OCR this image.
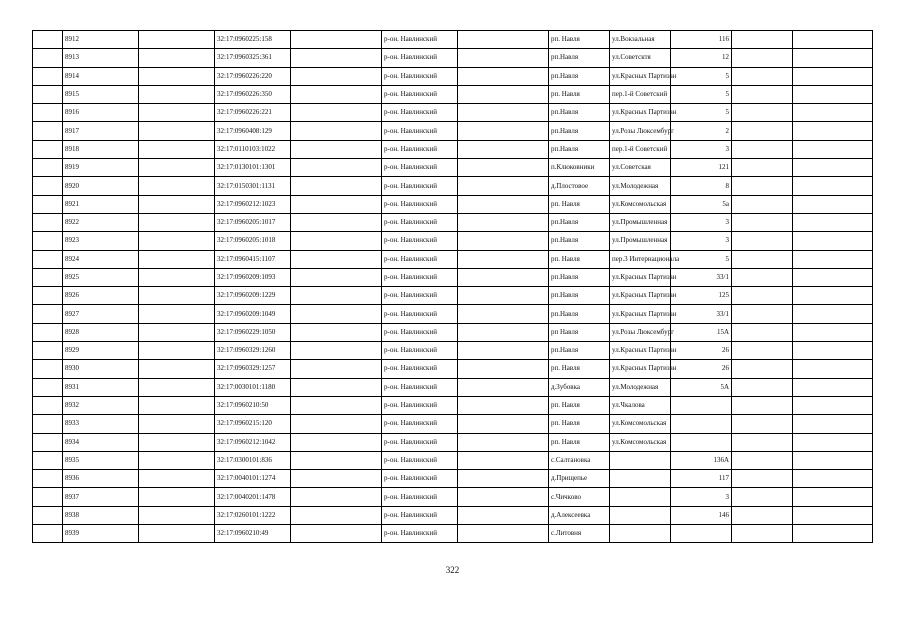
	8912		32:17:0960225:158		р-он. Навлинский		рп. Навля	ул.Вокзальная	116		
	8913		32:17:0960325:361		р-он. Навлинский		рп.Навля	ул.Советсктя	12		
	8914		32:17:0960226:220		р-он. Навлинский		рп.Навля	ул.Красных Партизан	5		
	8915		32:17:0960226:350		р-он. Навлинский		рп. Навля	пер.1-й Советский	5		
	8916		32:17:0960226:221		р-он. Навлинский		рп.Навля	ул.Красных Партизан	5		
	8917		32:17:0960408:129		р-он. Навлинский		рп.Навля	ул.Розы Люксембург	2		
	8918		32:17:0110103:1022		р-он. Навлинский		рп.Навля	пер.1-й Советский	3		
	8919		32:17:0130101:1301		р-он. Навлинский		п.Клюковники	ул.Советская	121		
	8920		32:17:0150301:1131		р-он. Навлинский		д.Плостовое	ул.Молодежная	8		
	8921		32:17:0960212:1023		р-он. Навлинский		рп. Навля	ул.Комсомольская	5а		
	8922		32:17:0960205:1017		р-он. Навлинский		рп.Навля	ул.Промышленная	3		
	8923		32:17:0960205:1018		р-он. Навлинский		рп.Навля	ул.Промышленная	3		
	8924		32:17:0960415:1107		р-он. Навлинский		рп. Навля	пер.3 Интернационала	5		
	8925		32:17:0960209:1093		р-он. Навлинский		рп.Навля	ул.Красных Партизан	33/1		
	8926		32:17:0960209:1229		р-он. Навлинский		рп.Навля	ул.Красных Партизан	125		
	8927		32:17:0960209:1049		р-он. Навлинский		рп.Навля	ул.Красных Партизан	33/1		
	8928		32:17:0960229:1050		р-он. Навлинский		рп Навля	ул.Розы Люксембург	15А		
	8929		32:17:0960329:1260		р-он. Навлинский		рп.Навля	ул.Красных Партизан	26		
	8930		32:17:0960329:1257		р-он. Навлинский		рп. Навля	ул.Красных Партизан	26		
	8931		32:17:0030101:1180		р-он. Навлинский		д.Зубовка	ул.Молодежная	5А		
	8932		32:17:0960210:50		р-он. Навлинский		рп. Навля	ул.Чкалова			
	8933		32:17:0960215:120		р-он. Навлинский		рп. Навля	ул.Комсомольская			
	8934		32:17:0960212:1042		р-он. Навлинский		рп. Навля	ул.Комсомольская			
	8935		32:17:0300101:836		р-он. Навлинский		с.Салтановка		136А		
	8936		32:17:0040101:1274		р-он. Навлинский		д.Прищепье		117		
	8937		32:17:0040201:1478		р-он. Навлинский		с.Чичково		3		
	8938		32:17:0260101:1222		р-он. Навлинский		д.Алексеевка		146		
	8939		32:17:0960210:49		р-он. Навлинский		с.Литовня				
322
